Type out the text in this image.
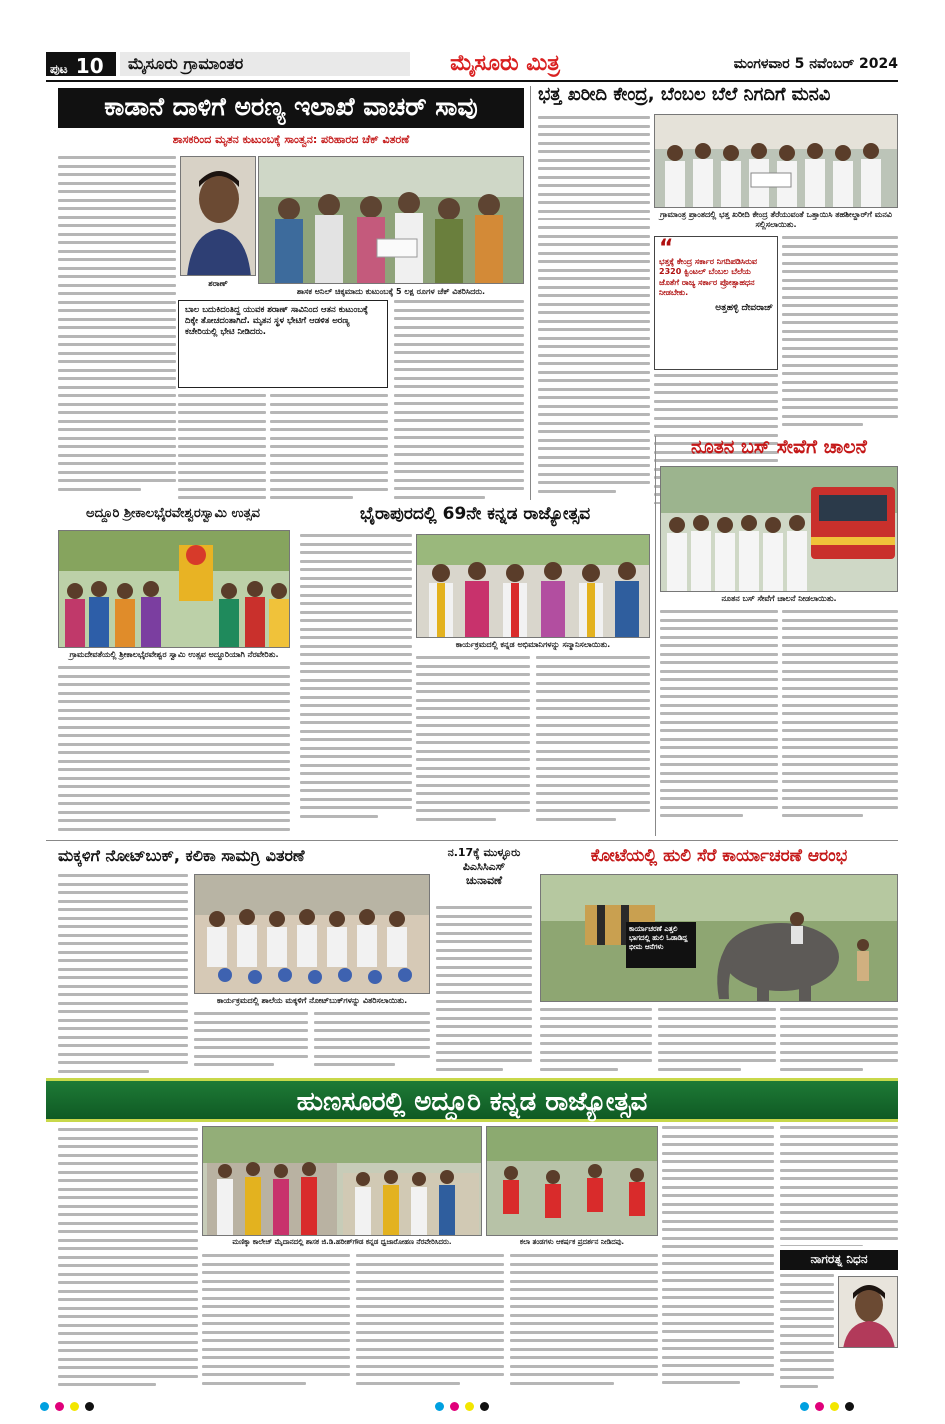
ಪುಟ 10	ಮೈಸೂರು ಗ್ರಾಮಾಂತರ	ಮೈಸೂರು ಮಿತ್ರ	ಮಂಗಳವಾರ 5 ನವೆಂಬರ್ 2024
ಕಾಡಾನೆ ದಾಳಿಗೆ ಅರಣ್ಯ ಇಲಾಖೆ ವಾಚರ್ ಸಾವು
ಶಾಸಕರಿಂದ ಮೃತನ ಕುಟುಂಬಕ್ಕೆ ಸಾಂತ್ವನ: ಪರಿಹಾರದ ಚೆಕ್ ವಿತರಣೆ
ಶರಾಣ್
ಶಾಸಕ ಅನಿಲ್ ಚಿಕ್ಕಮಾದು ಕುಟುಂಬಕ್ಕೆ 5 ಲಕ್ಷ ರೂಗಳ ಚೆಕ್ ವಿತರಿಸಿದರು.
ಬಾಲ ಬದುಕಿದಂತಿದ್ದ ಯುವಕ ಶರಾಣ್ ಸಾವಿನಿಂದ ಆತನ ಕುಟುಂಬಕ್ಕೆ ದಿಕ್ಕೇ ತೋಚದಂತಾಗಿದೆ. ಮೃತನ ಸ್ಥಳ ಭೇಟಿಗೆ ಆಡಳಿತ ಅರಣ್ಯ ಕಚೇರಿಯಲ್ಲಿ ಭೇಟಿ ನೀಡಿದರು.
ಭತ್ತ ಖರೀದಿ ಕೇಂದ್ರ, ಬೆಂಬಲ ಬೆಲೆ ನಿಗದಿಗೆ ಮನವಿ
ಗ್ರಾಮಾಂತ್ರ ಪ್ರಾಂತದಲ್ಲಿ ಭತ್ತ ಖರೀದಿ ಕೇಂದ್ರ ತೆರೆಯುವಂತೆ ಒತ್ತಾಯಿಸಿ ತಹಶೀಲ್ದಾರ್‌ಗೆ ಮನವಿ ಸಲ್ಲಿಸಲಾಯಿತು.
“
ಭತ್ತಕ್ಕೆ ಕೇಂದ್ರ ಸರ್ಕಾರ ನಿಗದಿಪಡಿಸಿರುವ 2320 ಕ್ವಿಂಟಲ್ ಬೆಂಬಲ ಬೆಲೆಯ ಜೊತೆಗೆ ರಾಜ್ಯ ಸರ್ಕಾರ ಪ್ರೋತ್ಸಾಹಧನ ನೀಡಬೇಕು.
ಅತ್ತಹಳ್ಳಿ ದೇವರಾಜ್
ನೂತನ ಬಸ್ ಸೇವೆಗೆ ಚಾಲನೆ
ನೂತನ ಬಸ್ ಸೇವೆಗೆ ಚಾಲನೆ ನೀಡಲಾಯಿತು.
ಅದ್ದೂರಿ ಶ್ರೀಕಾಲಭೈರವೇಶ್ವರಸ್ವಾಮಿ ಉತ್ಸವ
ಗ್ರಾಮದೇವತೆಯಲ್ಲಿ ಶ್ರೀಕಾಲಭೈರವೇಶ್ವರ ಸ್ವಾಮಿ ಉತ್ಸವ ಅದ್ದೂರಿಯಾಗಿ ನೆರವೇರಿತು.
ಭೈರಾಪುರದಲ್ಲಿ 69ನೇ ಕನ್ನಡ ರಾಜ್ಯೋತ್ಸವ
ಕಾರ್ಯಕ್ರಮದಲ್ಲಿ ಕನ್ನಡ ಅಭಿಮಾನಿಗಳನ್ನು ಸನ್ಮಾನಿಸಲಾಯಿತು.
ಮಕ್ಕಳಿಗೆ ನೋಟ್‌ಬುಕ್, ಕಲಿಕಾ ಸಾಮಗ್ರಿ ವಿತರಣೆ
ಕಾರ್ಯಕ್ರಮದಲ್ಲಿ ಶಾಲೆಯ ಮಕ್ಕಳಿಗೆ ನೋಟ್‌ಬುಕ್‌ಗಳನ್ನು ವಿತರಿಸಲಾಯಿತು.
ನ.17ಕ್ಕೆ ಮುಳ್ಳೂರು
ಪಿಎಸಿಸಿಎಸ್
ಚುನಾವಣೆ
ಕೋಟೆಯಲ್ಲಿ ಹುಲಿ ಸೆರೆ ಕಾರ್ಯಾಚರಣೆ ಆರಂಭ
ಕಾರ್ಯಾಚರಣೆ ಎತ್ತಲಿ ಭಾಗದಲ್ಲಿ ಹುಲಿ ಓಡಾಡಿದ್ದ ಭೀಮ ಆನೆಗಳು
ಹುಣಸೂರಲ್ಲಿ ಅದ್ದೂರಿ ಕನ್ನಡ ರಾಜ್ಯೋತ್ಸವ
ಮಣಿಕ್ಕಾ ಕಾಲೇಜ್ ಮೈದಾನದಲ್ಲಿ ಶಾಸಕ ಜಿ.ಡಿ.ಹರೀಶ್‌ಗೌಡ ಕನ್ನಡ ಧ್ವಜಾರೋಹಣ ನೆರವೇರಿಸಿದರು.	ಕಲಾ ತಂಡಗಳು ಆಕರ್ಷಕ ಪ್ರದರ್ಶನ ನೀಡಿದವು.
ನಾಗರತ್ನ ನಿಧನ
